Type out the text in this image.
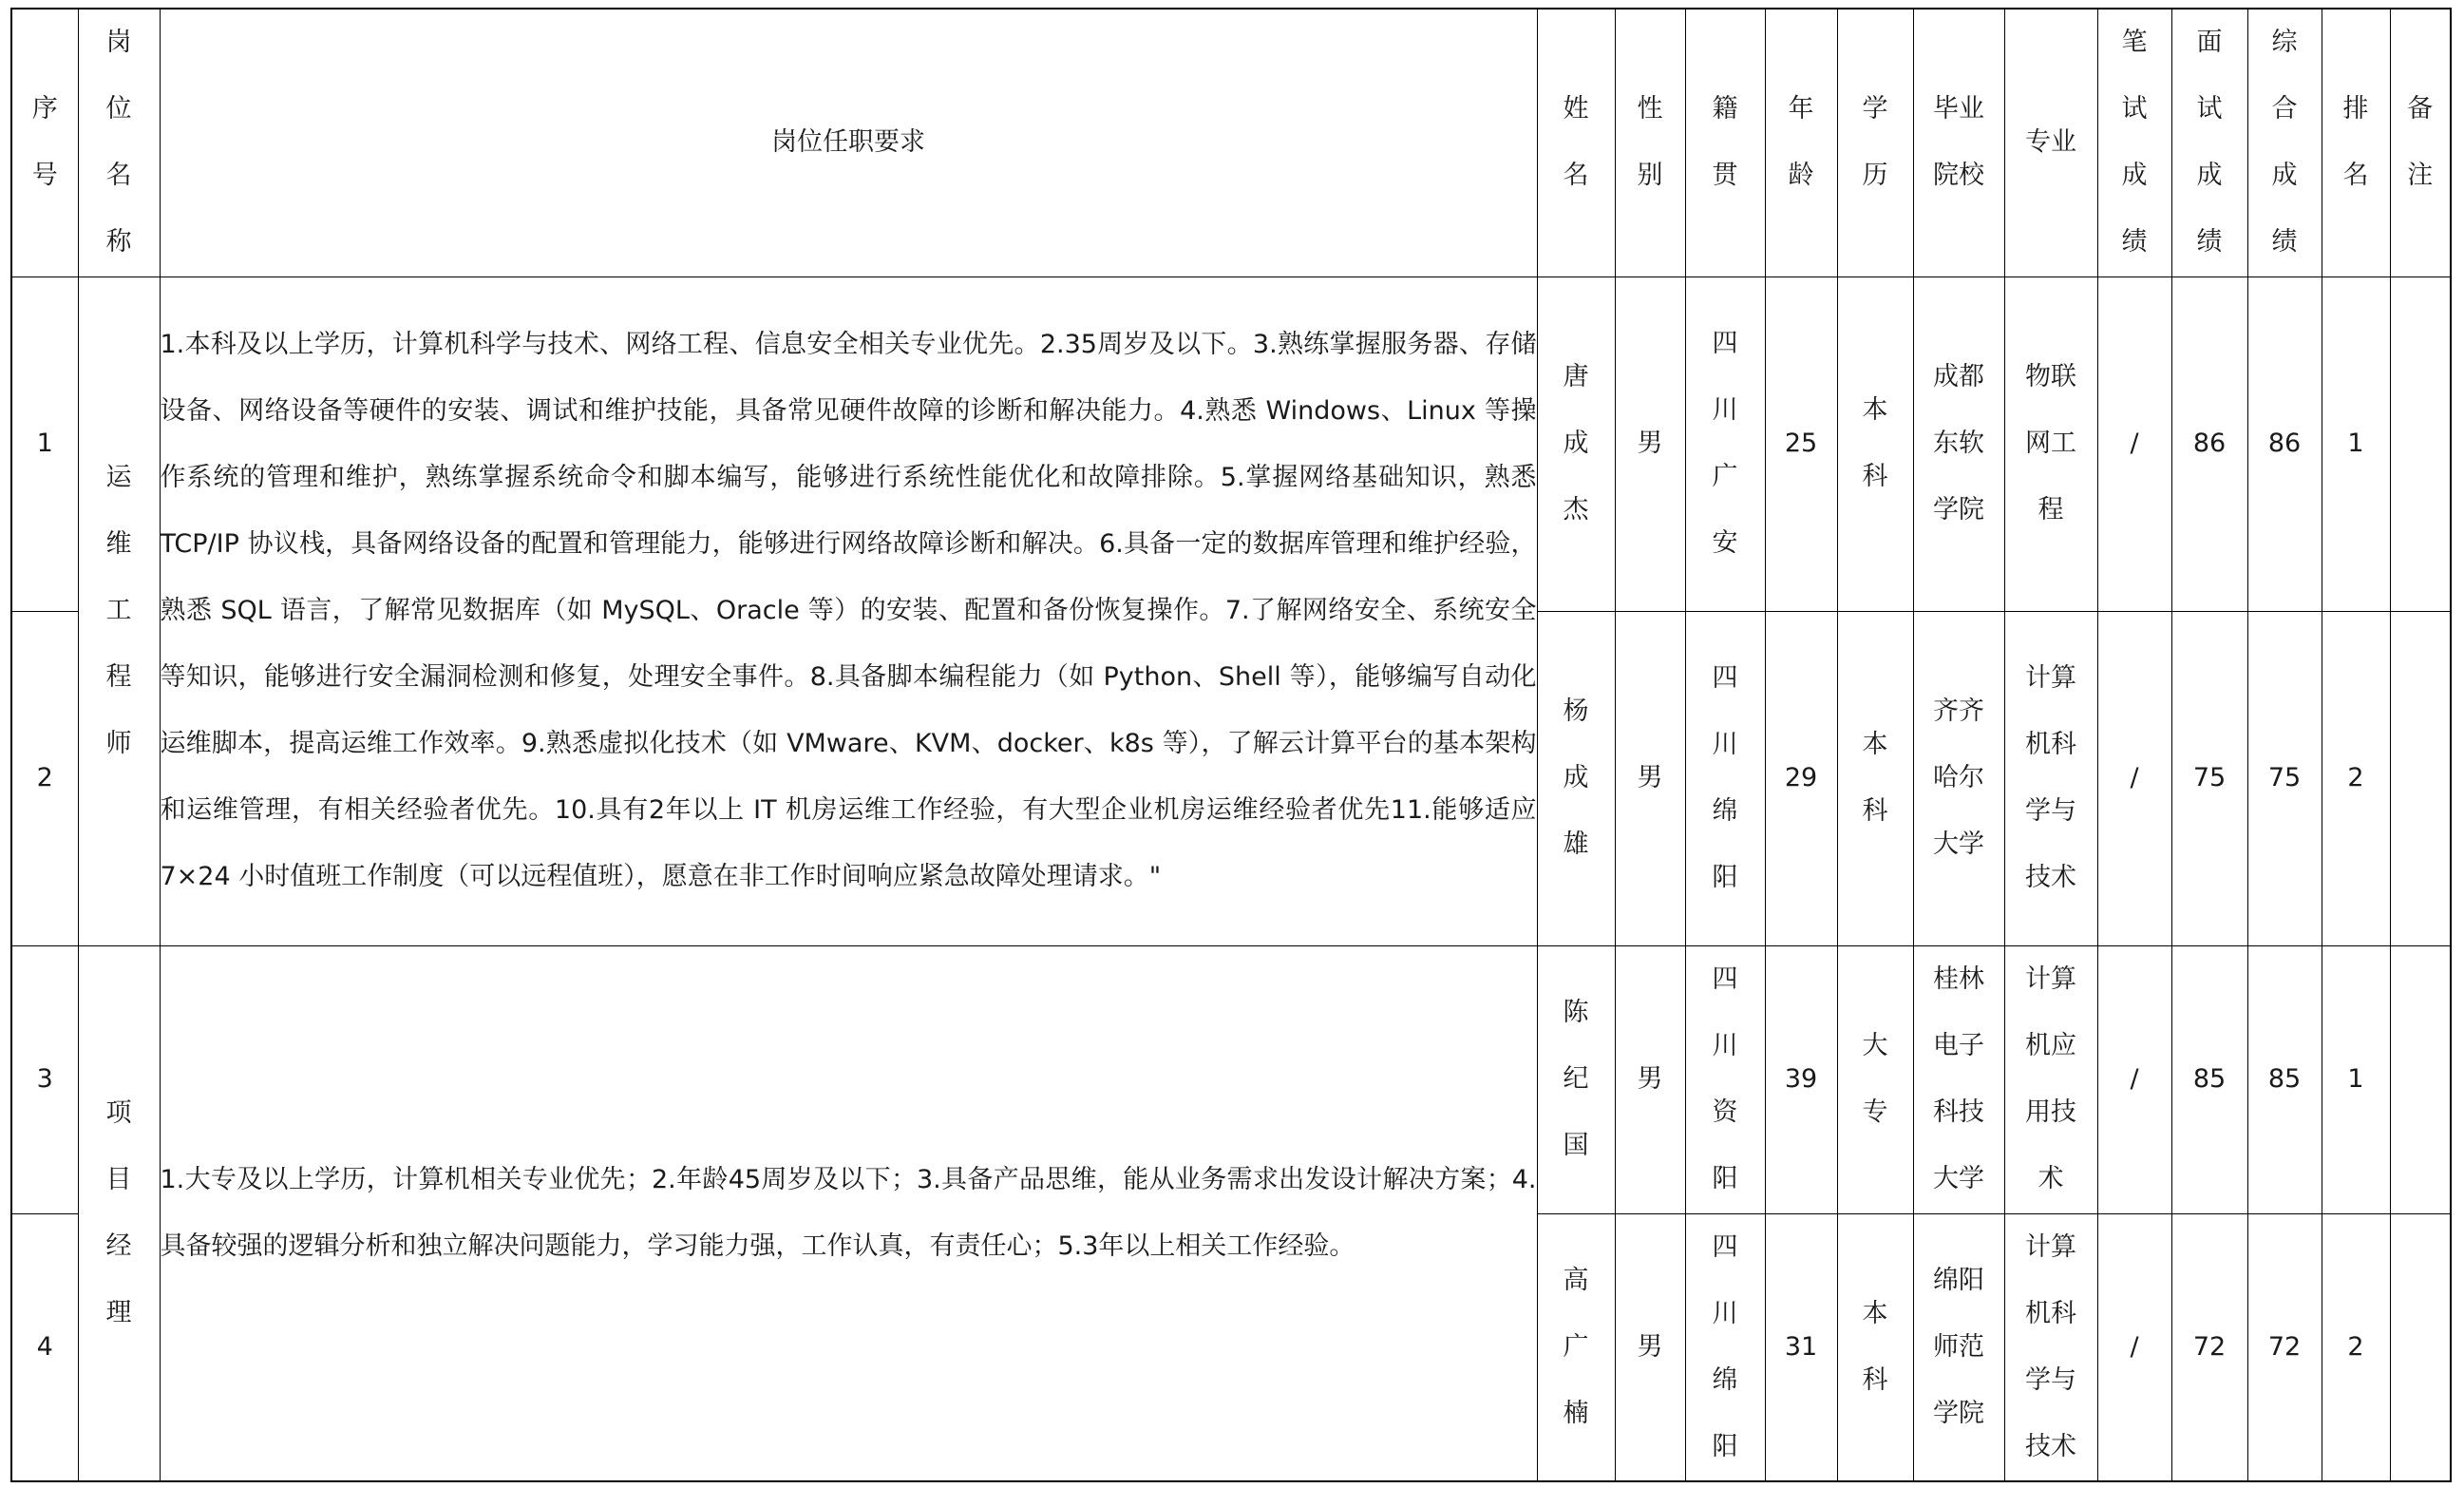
序号	岗位名称	岗位任职要求	姓名	性别	籍贯	年龄	学历	毕业院校	专业	笔试成绩	面试成绩	综合成绩	排名	备注
1	运维工程师	1.本科及以上学历，计算机科学与技术、网络工程、信息安全相关专业优先。2.35周岁及以下。3.熟练掌握服务器、存储设备、网络设备等硬件的安装、调试和维护技能，具备常见硬件故障的诊断和解决能力。4.熟悉 Windows、Linux 等操作系统的管理和维护，熟练掌握系统命令和脚本编写，能够进行系统性能优化和故障排除。5.掌握网络基础知识，熟悉 TCP/IP 协议栈，具备网络设备的配置和管理能力，能够进行网络故障诊断和解决。6.具备一定的数据库管理和维护经验，熟悉 SQL 语言，了解常见数据库（如 MySQL、Oracle 等）的安装、配置和备份恢复操作。7.了解网络安全、系统安全等知识，能够进行安全漏洞检测和修复，处理安全事件。8.具备脚本编程能力（如 Python、Shell 等），能够编写自动化运维脚本，提高运维工作效率。9.熟悉虚拟化技术（如 VMware、KVM、docker、k8s 等），了解云计算平台的基本架构和运维管理，有相关经验者优先。10.具有2年以上 IT 机房运维工作经验，有大型企业机房运维经验者优先11.能够适应 7×24 小时值班工作制度（可以远程值班），愿意在非工作时间响应紧急故障处理请求。"	唐成杰	男	四川广安	25	本科	成都东软学院	物联网工程	/	86	86	1	
2			杨成雄	男	四川绵阳	29	本科	齐齐哈尔大学	计算机科学与技术	/	75	75	2	
3	项目经理	1.大专及以上学历，计算机相关专业优先；2.年龄45周岁及以下；3.具备产品思维，能从业务需求出发设计解决方案；4.具备较强的逻辑分析和独立解决问题能力，学习能力强，工作认真，有责任心；5.3年以上相关工作经验。	陈纪国	男	四川资阳	39	大专	桂林电子科技大学	计算机应用技术	/	85	85	1	
4			高广楠	男	四川绵阳	31	本科	绵阳师范学院	计算机科学与技术	/	72	72	2	
